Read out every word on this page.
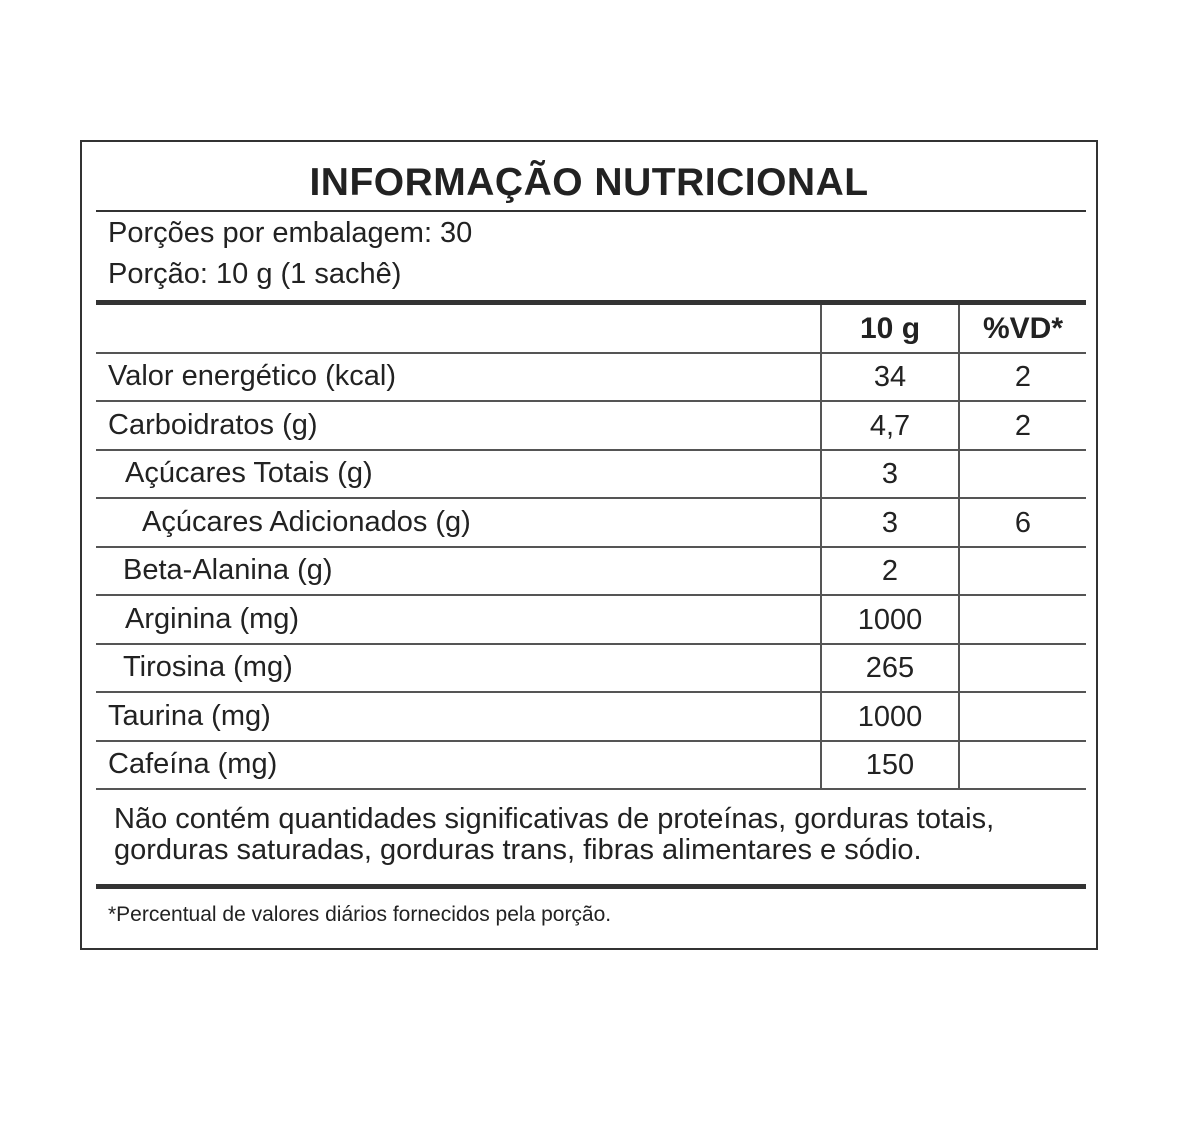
INFORMAÇÃO NUTRICIONAL
Porções por embalagem: 30
Porção: 10 g (1 sachê)
10 g	%VD*
Valor energético (kcal)	34	2
Carboidratos (g)	4,7	2
Açúcares Totais (g)	3
Açúcares Adicionados (g)	3	6
Beta-Alanina (g)	2
Arginina (mg)	1000
Tirosina (mg)	265
Taurina (mg)	1000
Cafeína (mg)	150
Não contém quantidades significativas de proteínas, gorduras totais, gorduras saturadas, gorduras trans, fibras alimentares e sódio.
*Percentual de valores diários fornecidos pela porção.
